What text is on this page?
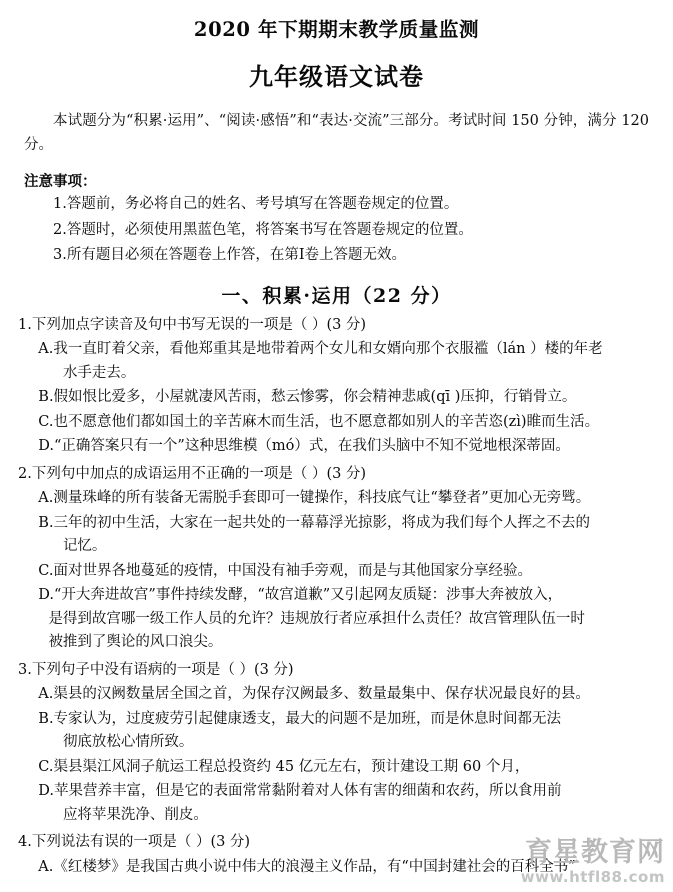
2020 年下期期末教学质量监测
九年级语文试卷
本试题分为“积累·运用”、“阅读·感悟”和“表达·交流”三部分。考试时间 150 分钟，满分 120 分。
注意事项：
1.答题前，务必将自己的姓名、考号填写在答题卷规定的位置。
2.答题时，必须使用黑蓝色笔，将答案书写在答题卷规定的位置。
3.所有题目必须在答题卷上作答，在第Ⅰ卷上答题无效。
一、积累·运用（22 分）
1.下列加点字读音及句中书写无误的一项是（ ）(3 分)
A.我一直盯着父亲，看他郑重其是地带着两个女儿和女婿向那个衣服褴（lán ）楼的年老
水手走去。
B.假如恨比爱多，小屋就凄风苦雨，愁云惨雾，你会精神悲戚(qī )压抑，行销骨立。
C.也不愿意他们都如国土的辛苦麻木而生活，也不愿意都如别人的辛苦恣(zì)睢而生活。
D.“正确答案只有一个”这种思维模（mó）式，在我们头脑中不知不觉地根深蒂固。
2.下列句中加点的成语运用不正确的一项是（ ）(3 分)
A.测量珠峰的所有装备无需脱手套即可一键操作，科技底气让“攀登者”更加心无旁骘。
B.三年的初中生活，大家在一起共处的一幕幕浮光掠影，将成为我们每个人挥之不去的
记忆。
C.面对世界各地蔓延的疫情，中国没有袖手旁观，而是与其他国家分享经验。
D.“开大奔进故宫”事件持续发酵，“故宫道歉”又引起网友质疑：涉事大奔被放入，
是得到故宫哪一级工作人员的允许？违规放行者应承担什么责任？故宫管理队伍一时
被推到了舆论的风口浪尖。
3.下列句子中没有语病的一项是（ ）(3 分)
A.渠县的汉阙数量居全国之首，为保存汉阙最多、数量最集中、保存状况最良好的县。
B.专家认为，过度疲劳引起健康透支，最大的问题不是加班，而是休息时间都无法
彻底放松心情所致。
C.渠县渠江风洞子航运工程总投资约 45 亿元左右，预计建设工期 60 个月，
D.苹果营养丰富，但是它的表面常常黏附着对人体有害的细菌和农药，所以食用前
应将苹果洗净、削皮。
4.下列说法有误的一项是（ ）(3 分)
A.《红楼梦》是我国古典小说中伟大的浪漫主义作品，有“中国封建社会的百科全书”
育星教育网
www.htfl88.com
